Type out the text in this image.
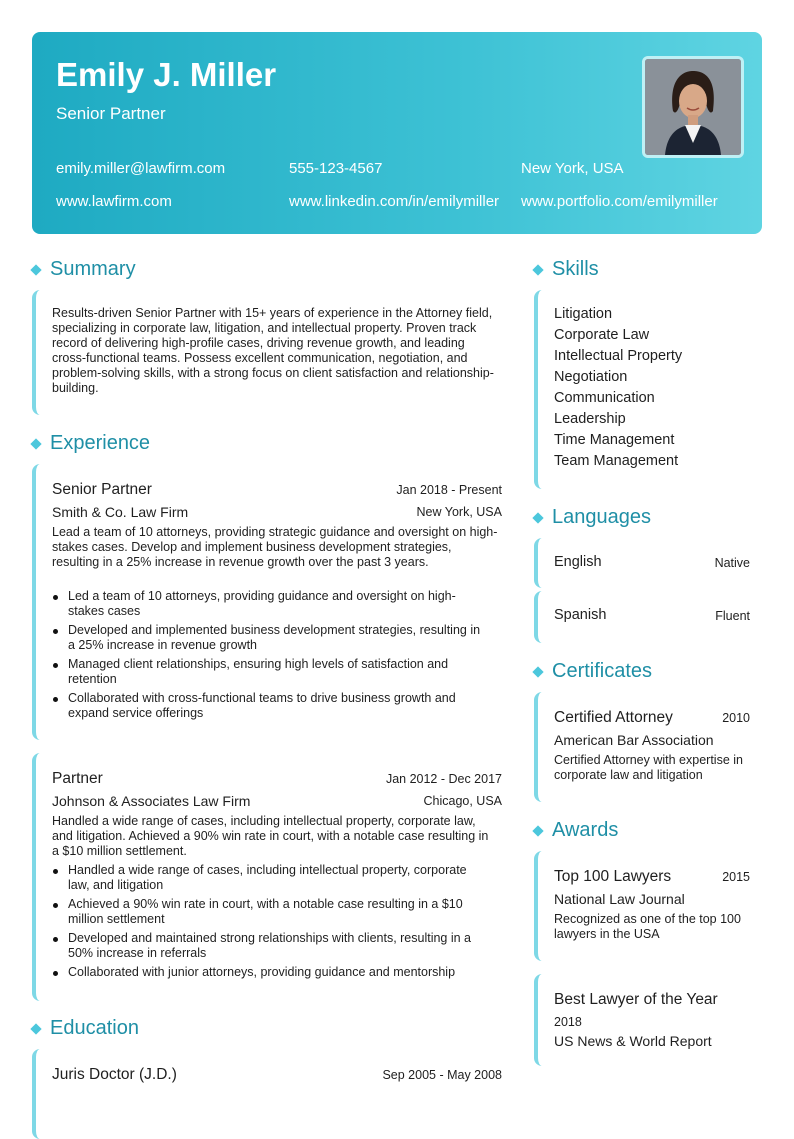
Emily J. Miller
Senior Partner
emily.miller@lawfirm.com	555-123-4567	New York, USA
www.lawfirm.com	www.linkedin.com/in/emilymiller www.portfolio.com/emilymiller
Summary
Results-driven Senior Partner with 15+ years of experience in the Attorney field, specializing in corporate law, litigation, and intellectual property. Proven track record of delivering high-profile cases, driving revenue growth, and leading cross-functional teams. Possess excellent communication, negotiation, and problem-solving skills, with a strong focus on client satisfaction and relationship-building.
Experience
Senior Partner	Jan 2018 - Present
Smith & Co. Law Firm	New York, USA
Lead a team of 10 attorneys, providing strategic guidance and oversight on high-stakes cases. Develop and implement business development strategies, resulting in a 25% increase in revenue growth over the past 3 years.
Led a team of 10 attorneys, providing guidance and oversight on high-stakes cases
Developed and implemented business development strategies, resulting in a 25% increase in revenue growth
Managed client relationships, ensuring high levels of satisfaction and retention
Collaborated with cross-functional teams to drive business growth and expand service offerings
Partner	Jan 2012 - Dec 2017
Johnson & Associates Law Firm	Chicago, USA
Handled a wide range of cases, including intellectual property, corporate law, and litigation. Achieved a 90% win rate in court, with a notable case resulting in a $10 million settlement.
Handled a wide range of cases, including intellectual property, corporate law, and litigation
Achieved a 90% win rate in court, with a notable case resulting in a $10 million settlement
Developed and maintained strong relationships with clients, resulting in a 50% increase in referrals
Collaborated with junior attorneys, providing guidance and mentorship
Education
Juris Doctor (J.D.)	Sep 2005 - May 2008
Skills
Litigation
Corporate Law
Intellectual Property
Negotiation
Communication
Leadership
Time Management
Team Management
Languages
English	Native
Spanish	Fluent
Certificates
Certified Attorney	2010
American Bar Association
Certified Attorney with expertise in corporate law and litigation
Awards
Top 100 Lawyers	2015
National Law Journal
Recognized as one of the top 100 lawyers in the USA
Best Lawyer of the Year
2018
US News & World Report
